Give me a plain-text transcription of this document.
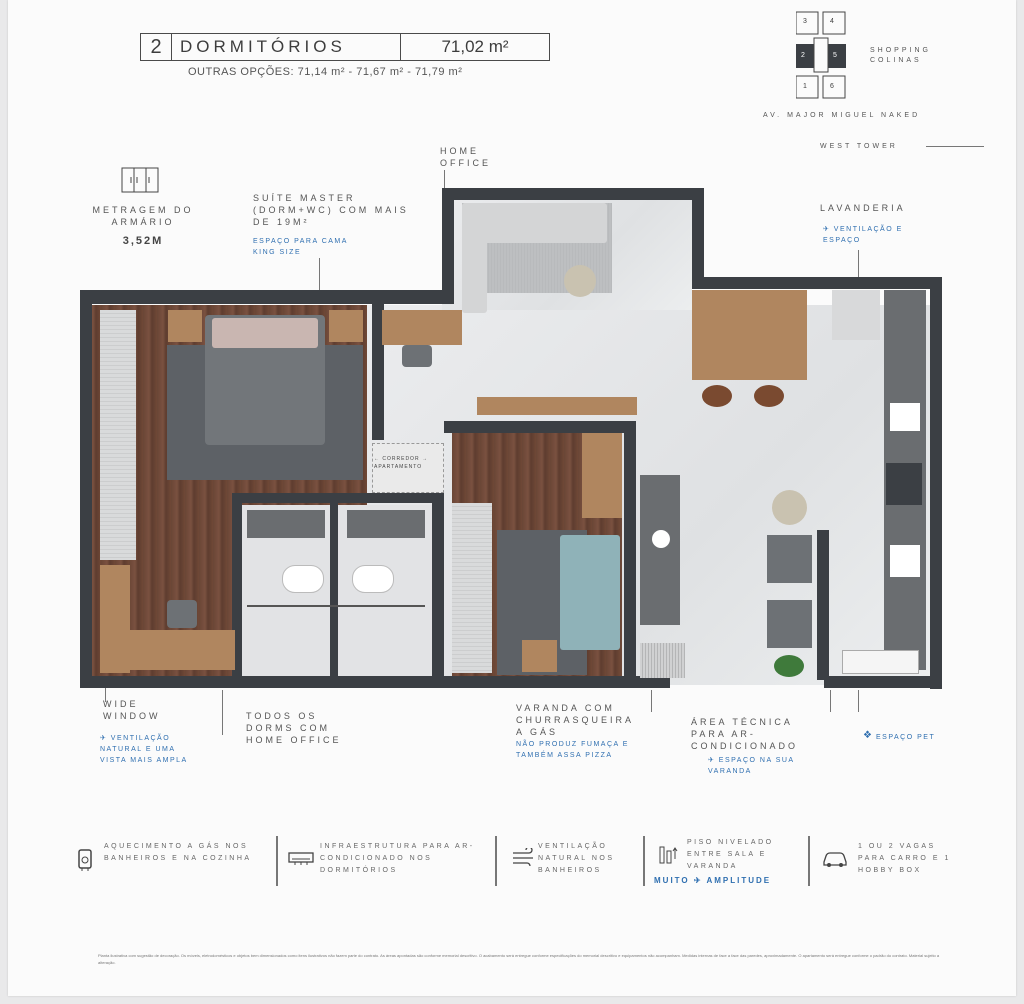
2	DORMITÓRIOS	71,02 m²
OUTRAS OPÇÕES: 71,14 m² - 71,67 m² - 71,79 m²
3	4
2	5
1	6
SHOPPING COLINAS
AV. MAJOR MIGUEL NAKED
WEST TOWER
METRAGEM DO ARMÁRIO
3,52M
SUÍTE MASTER (DORM+WC) COM MAIS DE 19M²
ESPAÇO PARA CAMA KING SIZE
HOME OFFICE
LAVANDERIA
✈ VENTILAÇÃO E ESPAÇO
← CORREDOR → APARTAMENTO
WIDE WINDOW
✈ VENTILAÇÃO NATURAL E UMA VISTA MAIS AMPLA
TODOS OS DORMS COM HOME OFFICE
VARANDA COM CHURRASQUEIRA A GÁS
NÃO PRODUZ FUMAÇA E TAMBÉM ASSA PIZZA
ÁREA TÉCNICA PARA AR-CONDICIONADO
✈ ESPAÇO NA SUA VARANDA
❖ ESPAÇO PET
AQUECIMENTO A GÁS NOS BANHEIROS E NA COZINHA
INFRAESTRUTURA PARA AR-CONDICIONADO NOS DORMITÓRIOS
VENTILAÇÃO NATURAL NOS BANHEIROS
PISO NIVELADO ENTRE SALA E VARANDA
MUITO ✈ AMPLITUDE
1 OU 2 VAGAS PARA CARRO E 1 HOBBY BOX
Planta ilustrativa com sugestão de decoração. Os móveis, eletrodomésticos e objetos bem dimensionados como itens ilustrativos não fazem parte do contrato. As áreas apontadas são conforme memorial descritivo. O acabamento será entregue conforme especificações do memorial descritivo e equipamentos não acompanham. Medidas internas de face a face das paredes, aproximadamente. O apartamento será entregue conforme o padrão do contrato. Material sujeito a alteração.
